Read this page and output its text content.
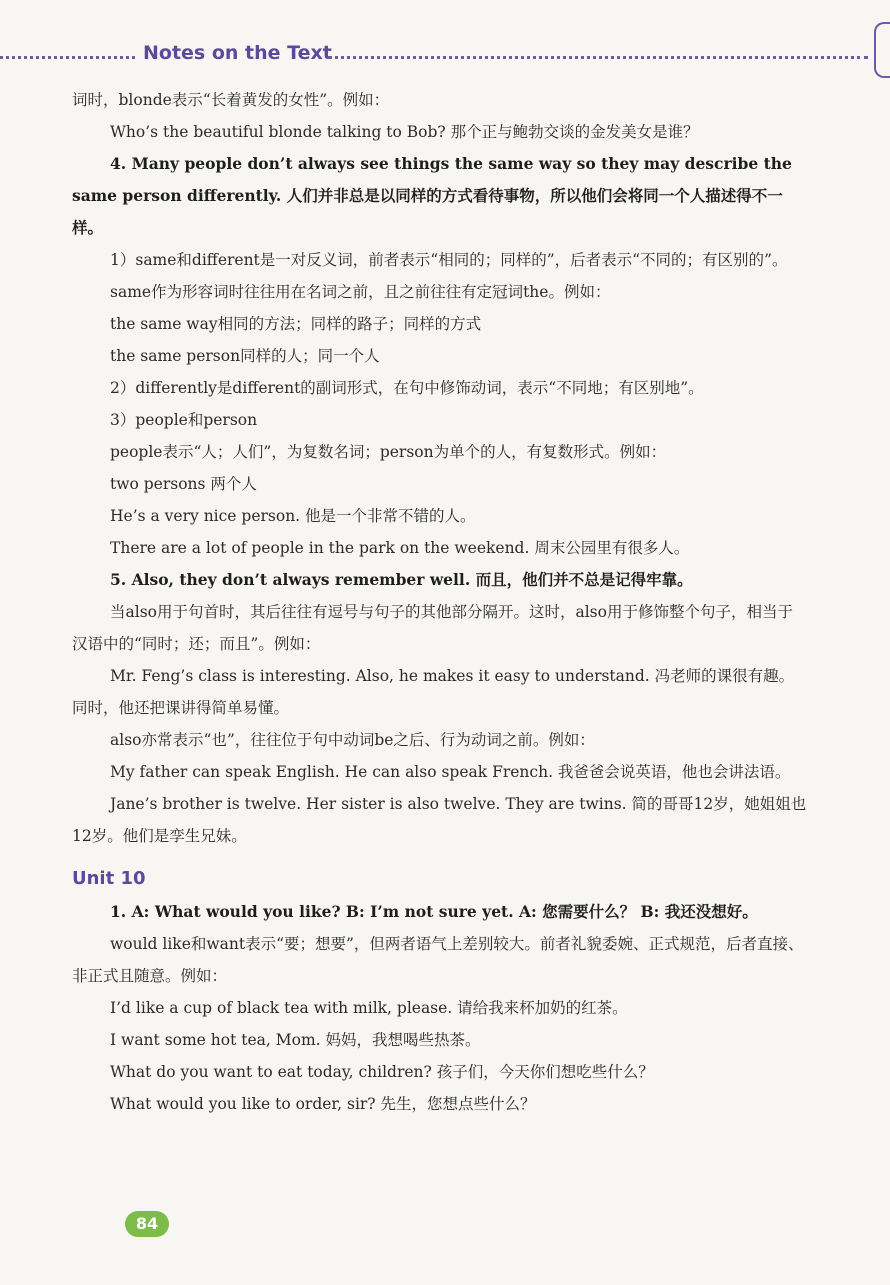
Notes on the Text

词时，blonde表示“长着黄发的女性”。例如：

Who’s the beautiful blonde talking to Bob? 那个正与鲍勃交谈的金发美女是谁？

4. Many people don’t always see things the same way so they may describe the same person differently. 人们并非总是以同样的方式看待事物，所以他们会将同一个人描述得不一样。

1）same和different是一对反义词，前者表示“相同的；同样的”，后者表示“不同的；有区别的”。

same作为形容词时往往用在名词之前，且之前往往有定冠词the。例如：

the same way相同的方法；同样的路子；同样的方式

the same person同样的人；同一个人

2）differently是different的副词形式，在句中修饰动词，表示“不同地；有区别地”。

3）people和person

people表示“人；人们”，为复数名词；person为单个的人，有复数形式。例如：

two persons 两个人

He’s a very nice person. 他是一个非常不错的人。

There are a lot of people in the park on the weekend. 周末公园里有很多人。

5. Also, they don’t always remember well. 而且，他们并不总是记得牢靠。

当also用于句首时，其后往往有逗号与句子的其他部分隔开。这时，also用于修饰整个句子，相当于汉语中的“同时；还；而且”。例如：

Mr. Feng’s class is interesting. Also, he makes it easy to understand. 冯老师的课很有趣。同时，他还把课讲得简单易懂。

also亦常表示“也”，往往位于句中动词be之后、行为动词之前。例如：

My father can speak English. He can also speak French. 我爸爸会说英语，他也会讲法语。

Jane’s brother is twelve. Her sister is also twelve. They are twins. 简的哥哥12岁，她姐姐也12岁。他们是孪生兄妹。

Unit 10

1. A: What would you like? B: I’m not sure yet. A: 您需要什么？ B: 我还没想好。

would like和want表示“要；想要”，但两者语气上差别较大。前者礼貌委婉、正式规范，后者直接、非正式且随意。例如：

I’d like a cup of black tea with milk, please. 请给我来杯加奶的红茶。

I want some hot tea, Mom. 妈妈，我想喝些热茶。

What do you want to eat today, children? 孩子们，今天你们想吃些什么？

What would you like to order, sir? 先生，您想点些什么？

84
